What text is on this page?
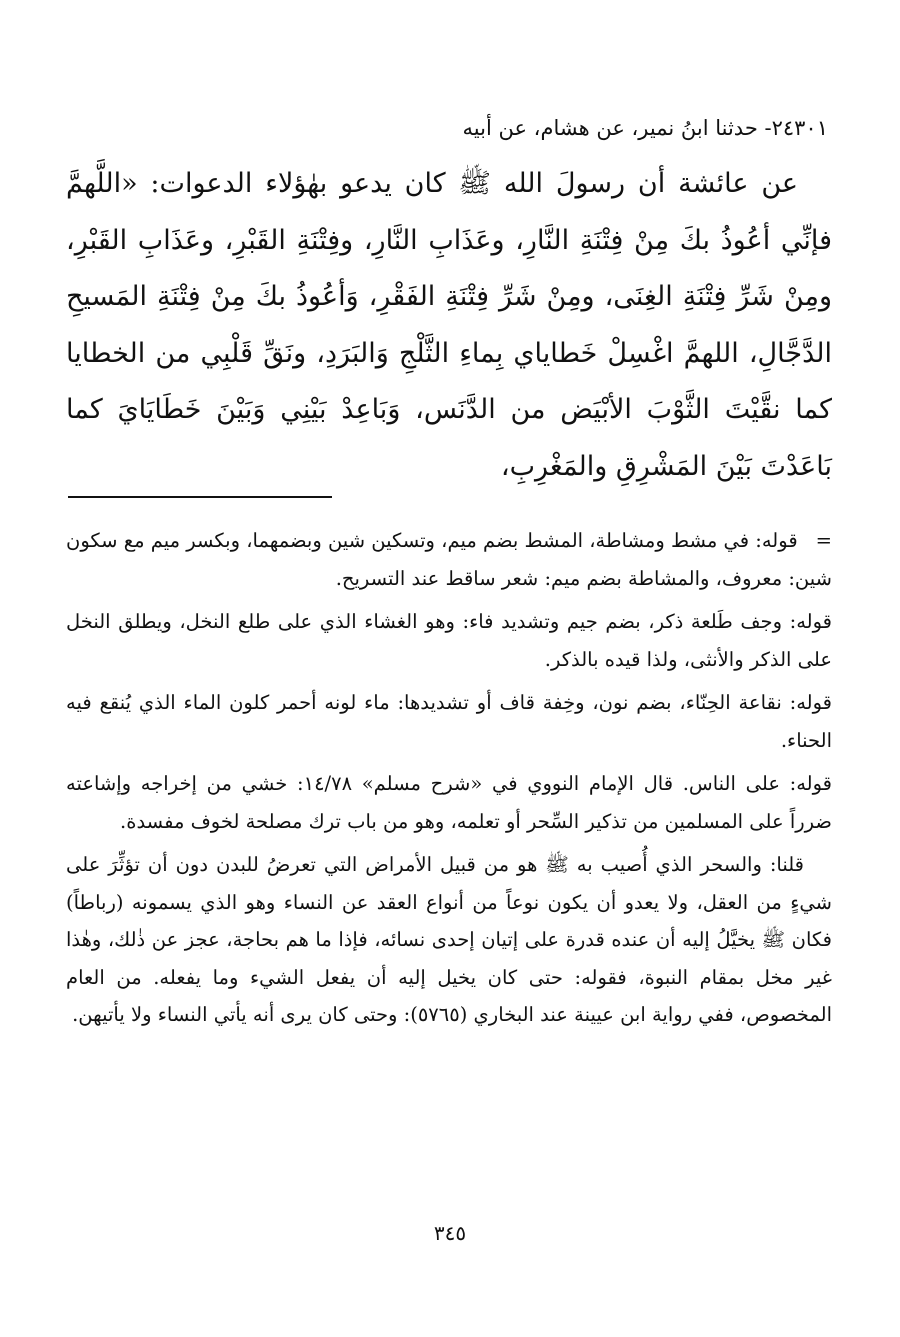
٢٤٣٠١- حدثنا ابنُ نمير، عن هشام، عن أبيه

عن عائشة أن رسولَ الله ﷺ كان يدعو بهٰؤلاء الدعوات: «اللَّهمَّ فإنِّي أعُوذُ بكَ مِنْ فِتْنَةِ النَّارِ، وعَذَابِ النَّارِ، وفِتْنَةِ القَبْرِ، وعَذَابِ القَبْرِ، ومِنْ شَرِّ فِتْنَةِ الغِنَى، ومِنْ شَرِّ فِتْنَةِ الفَقْرِ، وَأعُوذُ بكَ مِنْ فِتْنَةِ المَسيحِ الدَّجَّالِ، اللهمَّ اغْسِلْ خَطاياي بِماءِ الثَّلْجِ وَالبَرَدِ، ونَقِّ قَلْبِي من الخطايا كما نقَّيْتَ الثَّوْبَ الأبْيَض من الدَّنَس، وَبَاعِدْ بَيْنِي وَبَيْنَ خَطَايَايَ كما بَاعَدْتَ بَيْنَ المَشْرِقِ والمَغْرِبِ،

=قوله: في مشط ومشاطة، المشط بضم ميم، وتسكين شين وبضمهما، وبكسر ميم مع سكون شين: معروف، والمشاطة بضم ميم: شعر ساقط عند التسريح.

قوله: وجف طَلعة ذكر، بضم جيم وتشديد فاء: وهو الغشاء الذي على طلع النخل، ويطلق النخل على الذكر والأنثى، ولذا قيده بالذكر.

قوله: نقاعة الحِنّاء، بضم نون، وخِفة قاف أو تشديدها: ماء لونه أحمر كلون الماء الذي يُنقع فيه الحناء.

قوله: على الناس. قال الإمام النووي في «شرح مسلم» ١٤/٧٨: خشي من إخراجه وإشاعته ضرراً على المسلمين من تذكير السِّحر أو تعلمه، وهو من باب ترك مصلحة لخوف مفسدة.

قلنا: والسحر الذي أُصيب به ﷺ هو من قبيل الأمراض التي تعرضُ للبدن دون أن تؤثِّرَ على شيءٍ من العقل، ولا يعدو أن يكون نوعاً من أنواع العقد عن النساء وهو الذي يسمونه (رباطاً) فكان ﷺ يخيَّلُ إليه أن عنده قدرة على إتيان إحدى نسائه، فإذا ما هم بحاجة، عجز عن ذٰلك، وهٰذا غير مخل بمقام النبوة، فقوله: حتى كان يخيل إليه أن يفعل الشيء وما يفعله. من العام المخصوص، ففي رواية ابن عيينة عند البخاري (٥٧٦٥): وحتى كان يرى أنه يأتي النساء ولا يأتيهن.

٣٤٥
